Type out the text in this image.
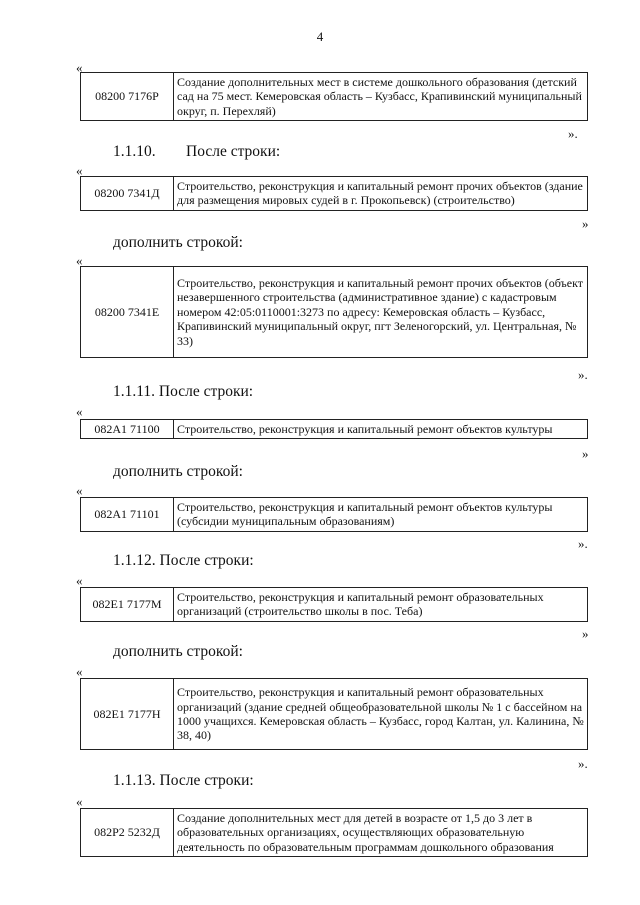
4
«
08200 7176Р	Создание дополнительных мест в системе дошкольного образования (детский сад на 75 мест. Кемеровская область – Кузбасс, Крапивинский муниципальный округ, п. Перехляй)
».
1.1.10. После строки:
«
08200 7341Д	Строительство, реконструкция и капитальный ремонт прочих объектов (здание для размещения мировых судей в г. Прокопьевск) (строительство)
»
дополнить строкой:
«
08200 7341Е	Строительство, реконструкция и капитальный ремонт прочих объектов (объект незавершенного строительства (административное здание) с кадастровым номером 42:05:0110001:3273 по адресу: Кемеровская область – Кузбасс, Крапивинский муниципальный округ, пгт Зеленогорский, ул. Центральная, № 33)
».
1.1.11. После строки:
«
082А1 71100	Строительство, реконструкция и капитальный ремонт объектов культуры
»
дополнить строкой:
«
082А1 71101	Строительство, реконструкция и капитальный ремонт объектов культуры (субсидии муниципальным образованиям)
».
1.1.12. После строки:
«
082Е1 7177М	Строительство, реконструкция и капитальный ремонт образовательных организаций (строительство школы в пос. Теба)
»
дополнить строкой:
«
082Е1 7177Н	Строительство, реконструкция и капитальный ремонт образовательных организаций (здание средней общеобразовательной школы № 1 с бассейном на 1000 учащихся. Кемеровская область – Кузбасс, город Калтан, ул. Калинина, № 38, 40)
».
1.1.13. После строки:
«
082Р2 5232Д	Создание дополнительных мест для детей в возрасте от 1,5 до 3 лет в образовательных организациях, осуществляющих образовательную деятельность по образовательным программам дошкольного образования
